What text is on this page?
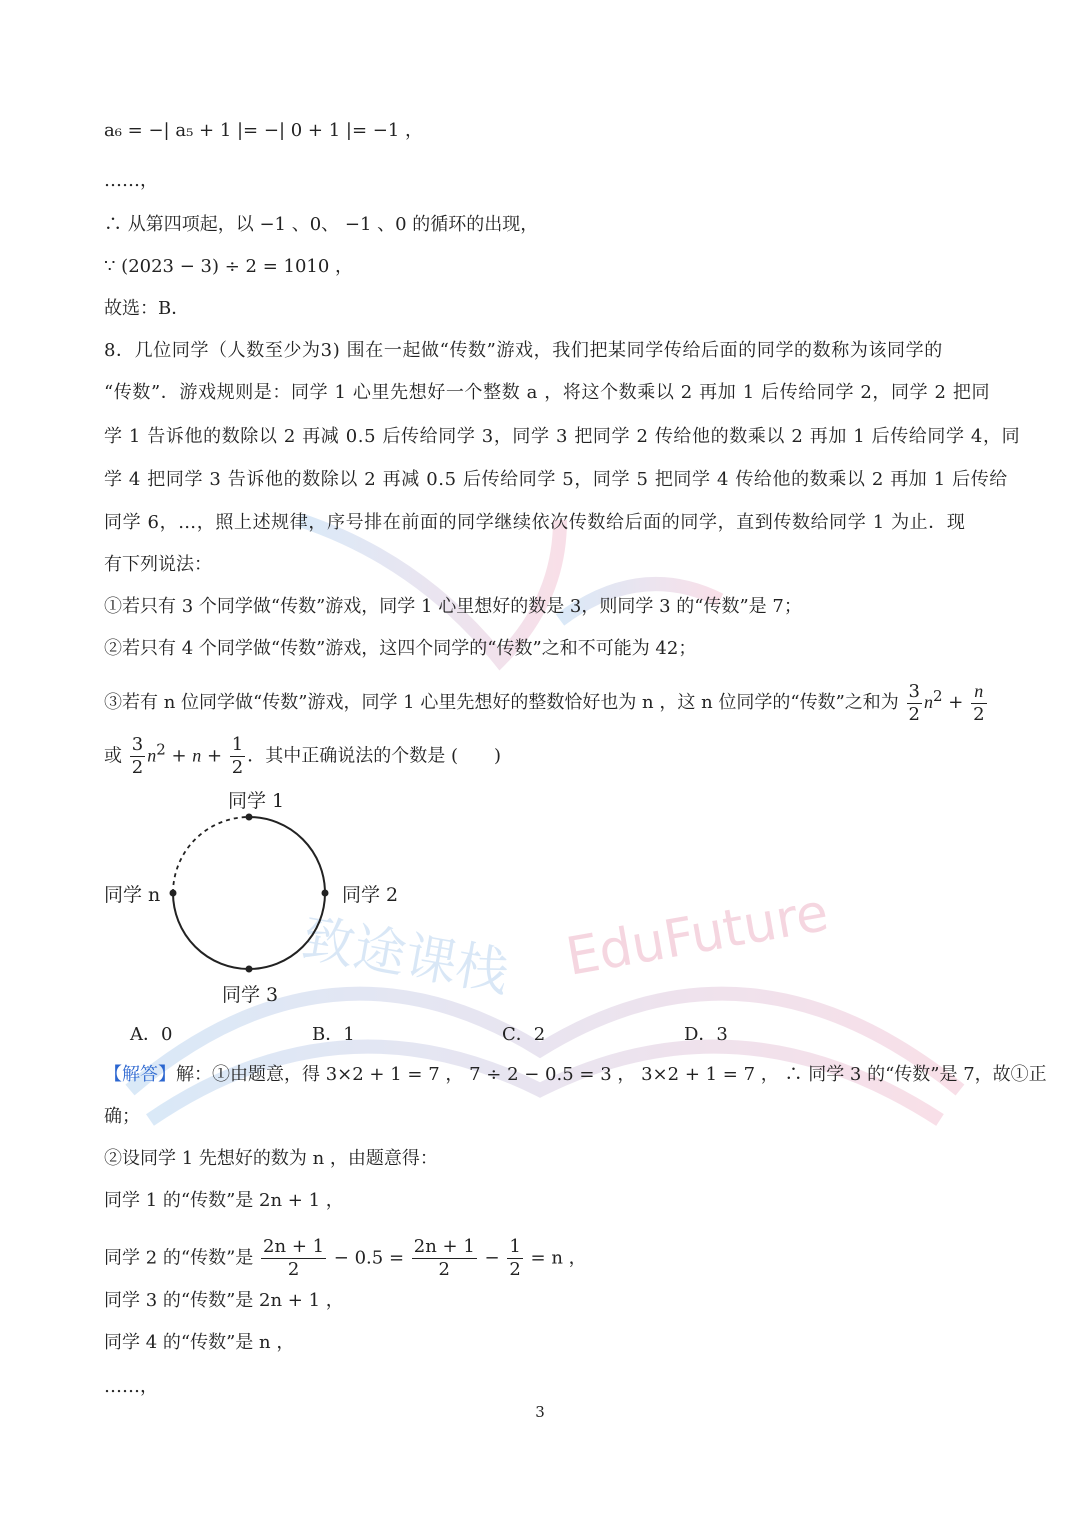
致途课栈 EduFuture
a₆ = −| a₅ + 1 |= −| 0 + 1 |= −1 ，
……，
∴ 从第四项起，以 −1 、0、 −1 、0 的循环的出现，
∵ (2023 − 3) ÷ 2 = 1010 ，
故选：B．
8．几位同学（人数至少为3) 围在一起做“传数”游戏，我们把某同学传给后面的同学的数称为该同学的
“传数”．游戏规则是：同学 1 心里先想好一个整数 a ，将这个数乘以 2 再加 1 后传给同学 2，同学 2 把同
学 1 告诉他的数除以 2 再减 0.5 后传给同学 3，同学 3 把同学 2 传给他的数乘以 2 再加 1 后传给同学 4，同
学 4 把同学 3 告诉他的数除以 2 再减 0.5 后传给同学 5，同学 5 把同学 4 传给他的数乘以 2 再加 1 后传给
同学 6，…，照上述规律，序号排在前面的同学继续依次传数给后面的同学，直到传数给同学 1 为止．现
有下列说法：
①若只有 3 个同学做“传数”游戏，同学 1 心里想好的数是 3，则同学 3 的“传数”是 7；
②若只有 4 个同学做“传数”游戏，这四个同学的“传数”之和不可能为 42；
③若有 n 位同学做“传数”游戏，同学 1 心里先想好的整数恰好也为 n ，这 n 位同学的“传数”之和为 $\frac{3}{2} n^2 + \frac{n}{2}$
或 $\frac{3}{2} n^2 + n + \frac{1}{2}$ ．其中正确说法的个数是 (　　)
同学 1
同学 2
同学 3
同学 n
A．0	B．1	C．2	D．3
【解答】解：①由题意，得 3×2 + 1 = 7 ， 7 ÷ 2 − 0.5 = 3 ， 3×2 + 1 = 7 ， ∴ 同学 3 的“传数”是 7，故①正
确；
②设同学 1 先想好的数为 n ，由题意得：
同学 1 的“传数”是 2n + 1 ，
同学 2 的“传数”是 $\frac{2n + 1}{2} - 0.5 = \frac{2n + 1}{2} - \frac{1}{2} = n$ ，
同学 3 的“传数”是 2n + 1 ，
同学 4 的“传数”是 n ，
……，
3
